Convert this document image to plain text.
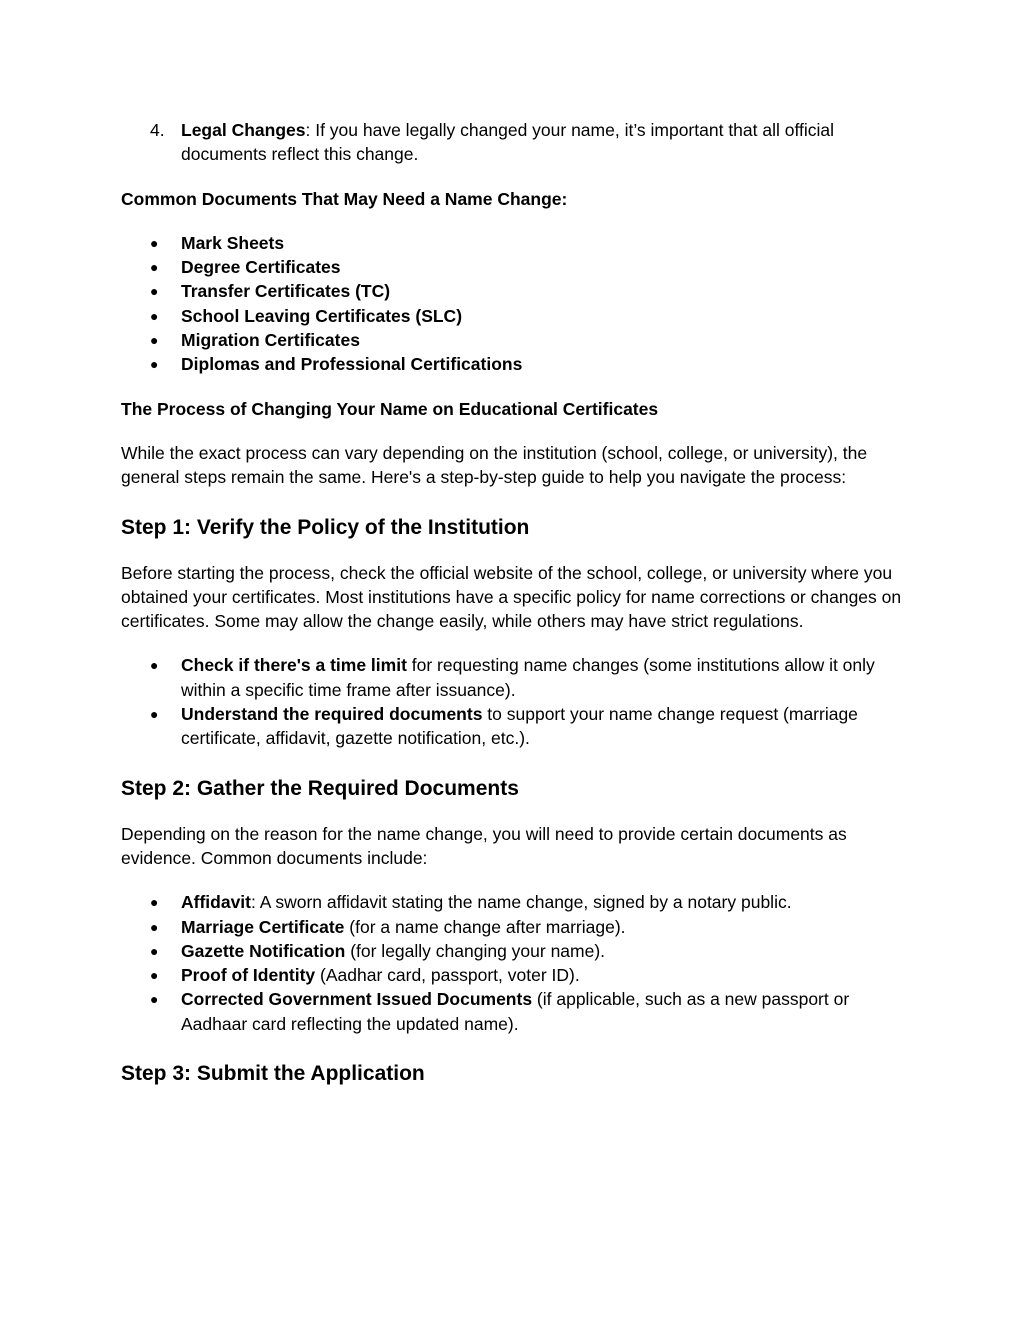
4. Legal Changes: If you have legally changed your name, it’s important that all official documents reflect this change.
Common Documents That May Need a Name Change:
● Mark Sheets
● Degree Certificates
● Transfer Certificates (TC)
● School Leaving Certificates (SLC)
● Migration Certificates
● Diplomas and Professional Certifications
The Process of Changing Your Name on Educational Certificates

While the exact process can vary depending on the institution (school, college, or university), the general steps remain the same. Here's a step-by-step guide to help you navigate the process:

Step 1: Verify the Policy of the Institution

Before starting the process, check the official website of the school, college, or university where you obtained your certificates. Most institutions have a specific policy for name corrections or changes on certificates. Some may allow the change easily, while others may have strict regulations.

● Check if there's a time limit for requesting name changes (some institutions allow it only within a specific time frame after issuance).
● Understand the required documents to support your name change request (marriage certificate, affidavit, gazette notification, etc.).
Step 2: Gather the Required Documents

Depending on the reason for the name change, you will need to provide certain documents as evidence. Common documents include:

● Affidavit: A sworn affidavit stating the name change, signed by a notary public.
● Marriage Certificate (for a name change after marriage).
● Gazette Notification (for legally changing your name).
● Proof of Identity (Aadhar card, passport, voter ID).
● Corrected Government Issued Documents (if applicable, such as a new passport or Aadhaar card reflecting the updated name).
Step 3: Submit the Application
